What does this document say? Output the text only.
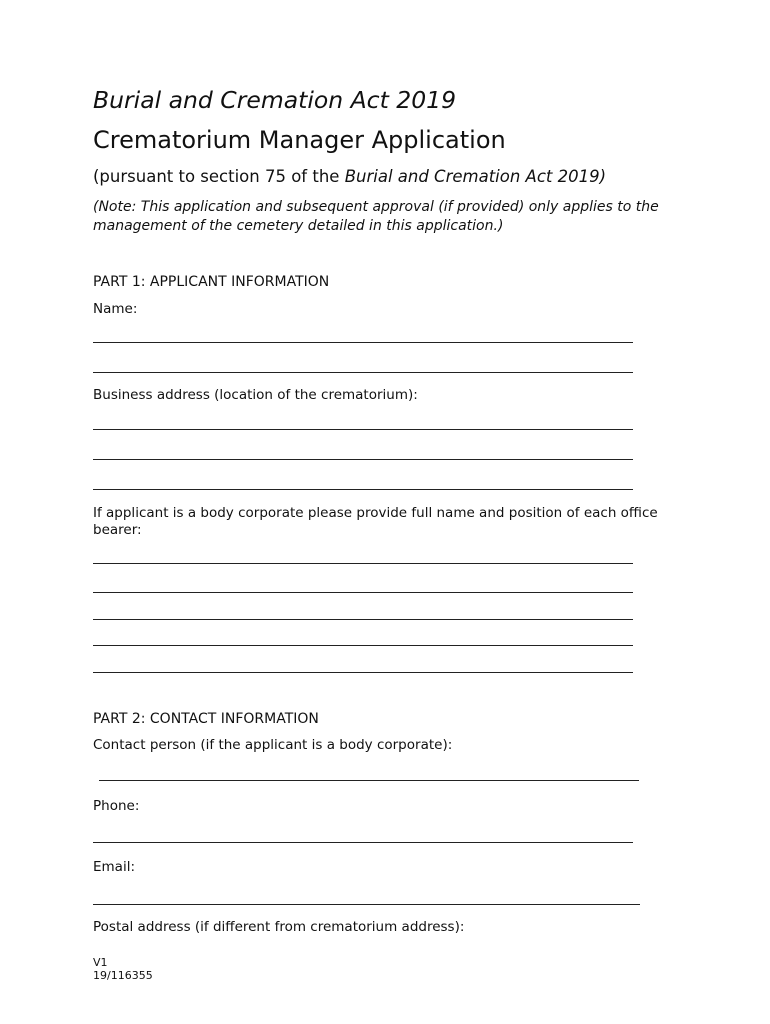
Burial and Cremation Act 2019
Crematorium Manager Application
(pursuant to section 75 of the Burial and Cremation Act 2019)
(Note: This application and subsequent approval (if provided) only applies to the management of the cemetery detailed in this application.)
PART 1: APPLICANT INFORMATION
Name:
Business address (location of the crematorium):
If applicant is a body corporate please provide full name and position of each office bearer:
PART 2: CONTACT INFORMATION
Contact person (if the applicant is a body corporate):
Phone:
Email:
Postal address (if different from crematorium address):
V1
19/116355
